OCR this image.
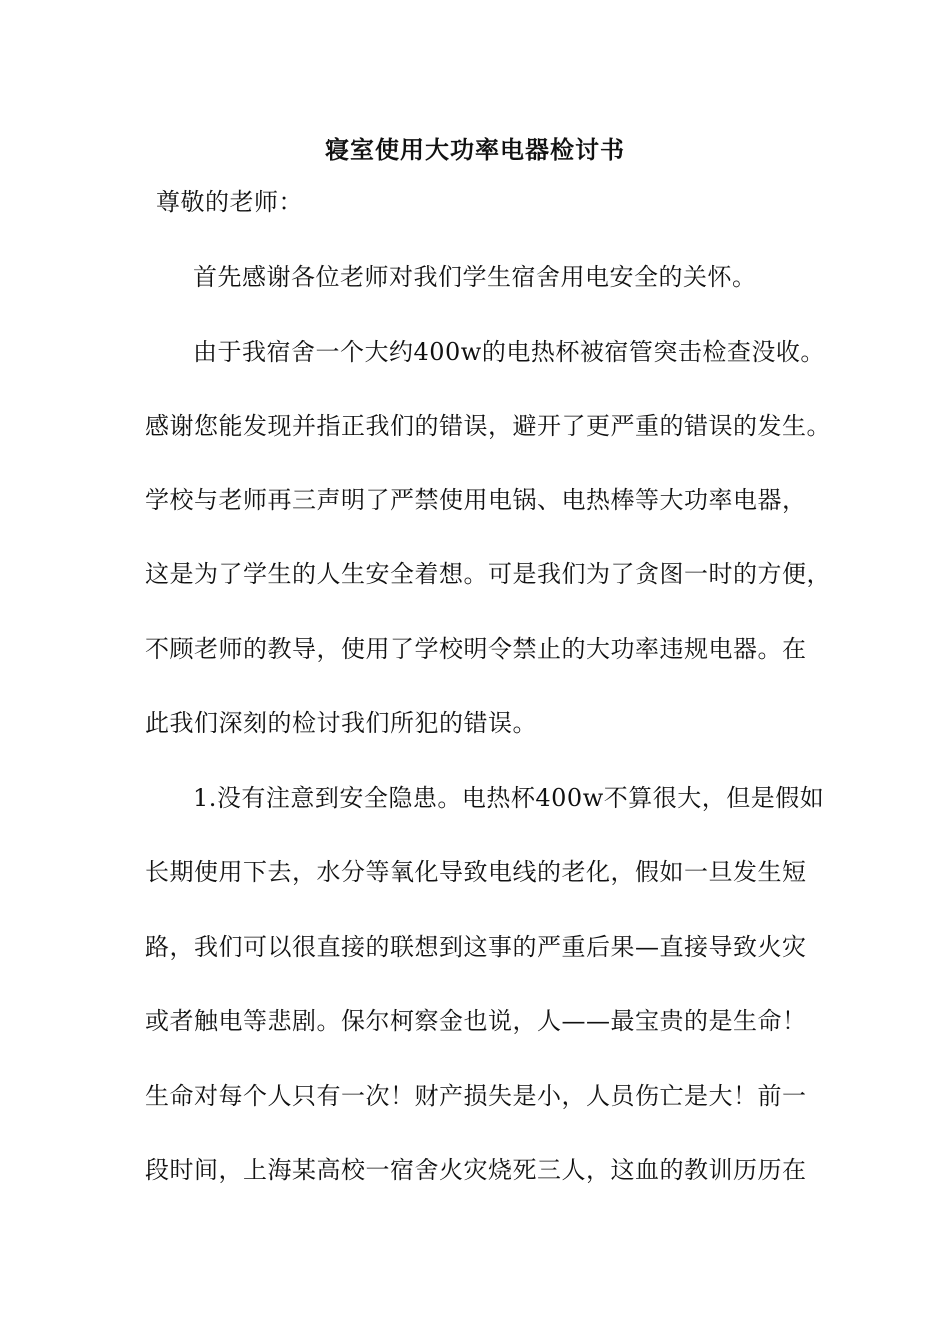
寝室使用大功率电器检讨书
尊敬的老师：
首先感谢各位老师对我们学生宿舍用电安全的关怀。
由于我宿舍一个大约400w的电热杯被宿管突击检查没收。
感谢您能发现并指正我们的错误，避开了更严重的错误的发生。
学校与老师再三声明了严禁使用电锅、电热棒等大功率电器，
这是为了学生的人生安全着想。可是我们为了贪图一时的方便，
不顾老师的教导，使用了学校明令禁止的大功率违规电器。在
此我们深刻的检讨我们所犯的错误。
1.没有注意到安全隐患。电热杯400w不算很大，但是假如
长期使用下去，水分等氧化导致电线的老化，假如一旦发生短
路，我们可以很直接的联想到这事的严重后果—直接导致火灾
或者触电等悲剧。保尔柯察金也说，人——最宝贵的是生命！
生命对每个人只有一次！财产损失是小，人员伤亡是大！前一
段时间，上海某高校一宿舍火灾烧死三人，这血的教训历历在
